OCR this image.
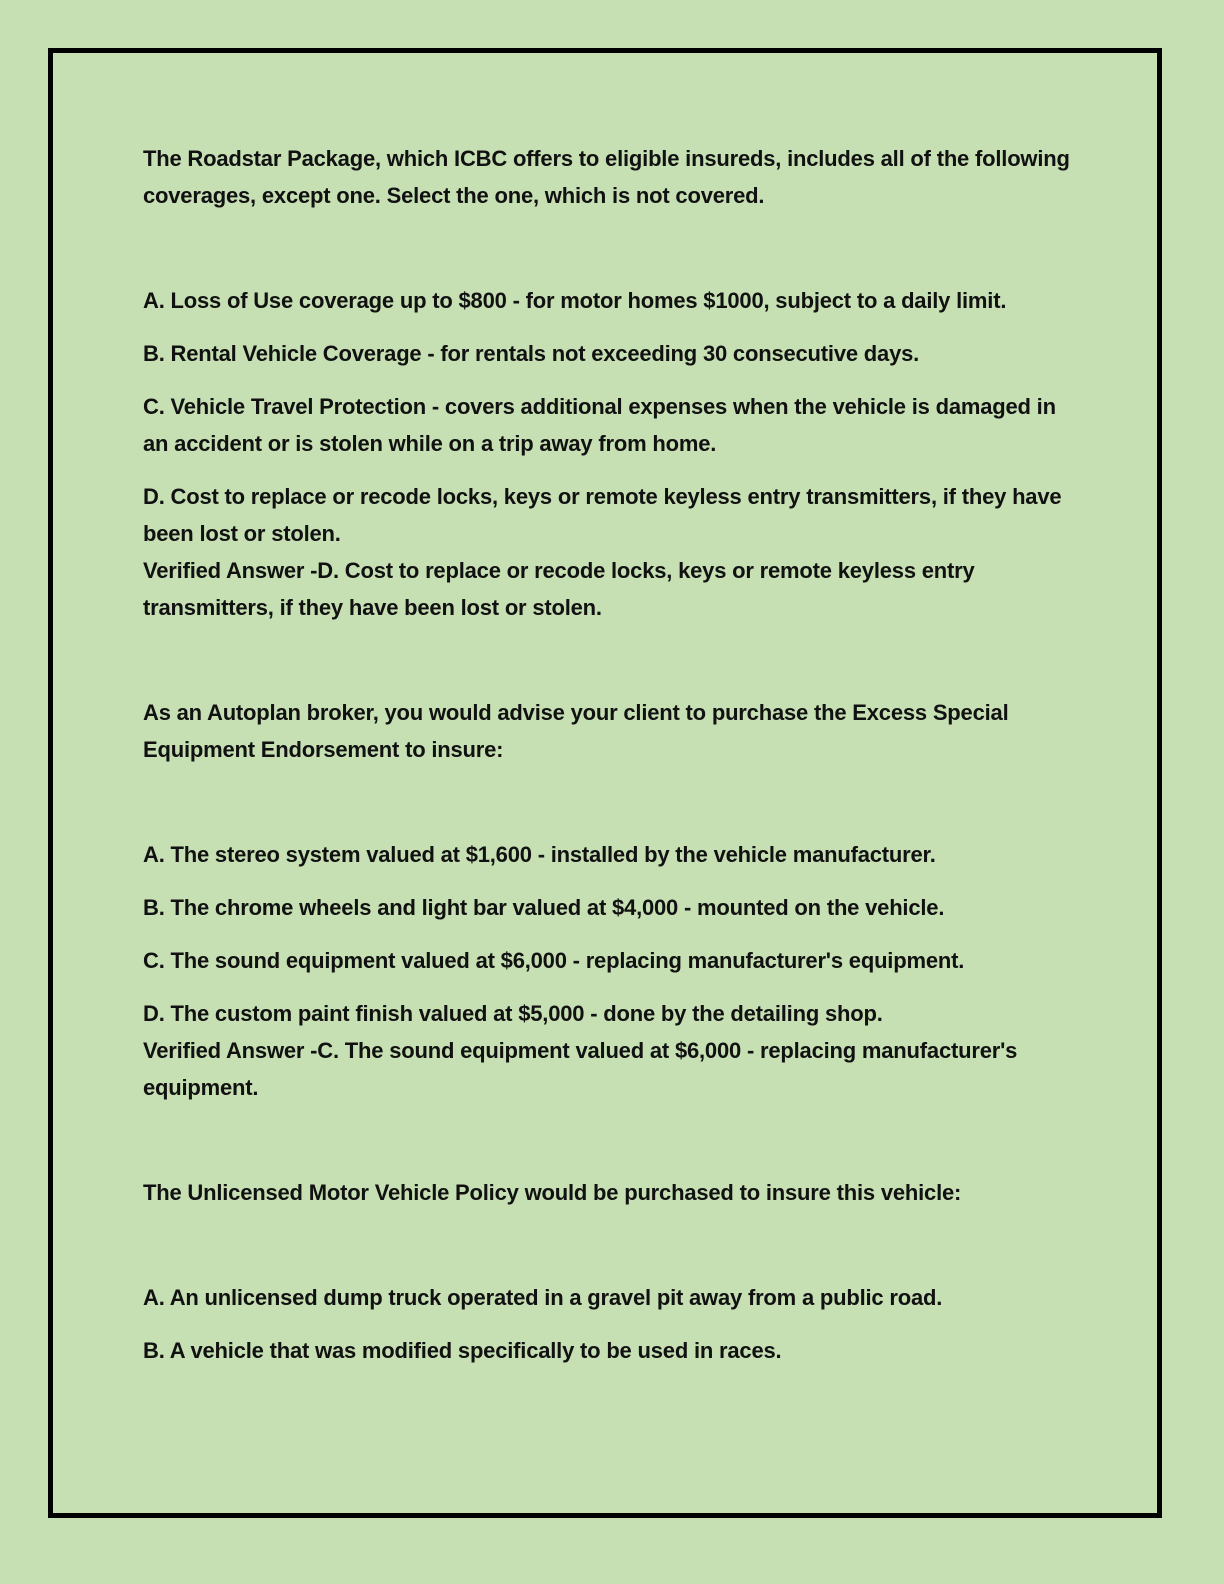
The Roadstar Package, which ICBC offers to eligible insureds, includes all of the following coverages, except one. Select the one, which is not covered.

A. Loss of Use coverage up to $800 - for motor homes $1000, subject to a daily limit.
B. Rental Vehicle Coverage - for rentals not exceeding 30 consecutive days.
C. Vehicle Travel Protection - covers additional expenses when the vehicle is damaged in an accident or is stolen while on a trip away from home.
D. Cost to replace or recode locks, keys or remote keyless entry transmitters, if they have been lost or stolen.

Verified Answer -D. Cost to replace or recode locks, keys or remote keyless entry transmitters, if they have been lost or stolen.

As an Autoplan broker, you would advise your client to purchase the Excess Special Equipment Endorsement to insure:

A. The stereo system valued at $1,600 - installed by the vehicle manufacturer.
B. The chrome wheels and light bar valued at $4,000 - mounted on the vehicle.
C. The sound equipment valued at $6,000 - replacing manufacturer's equipment.
D. The custom paint finish valued at $5,000 - done by the detailing shop.

Verified Answer -C. The sound equipment valued at $6,000 - replacing manufacturer's equipment.

The Unlicensed Motor Vehicle Policy would be purchased to insure this vehicle:

A. An unlicensed dump truck operated in a gravel pit away from a public road.
B. A vehicle that was modified specifically to be used in races.
